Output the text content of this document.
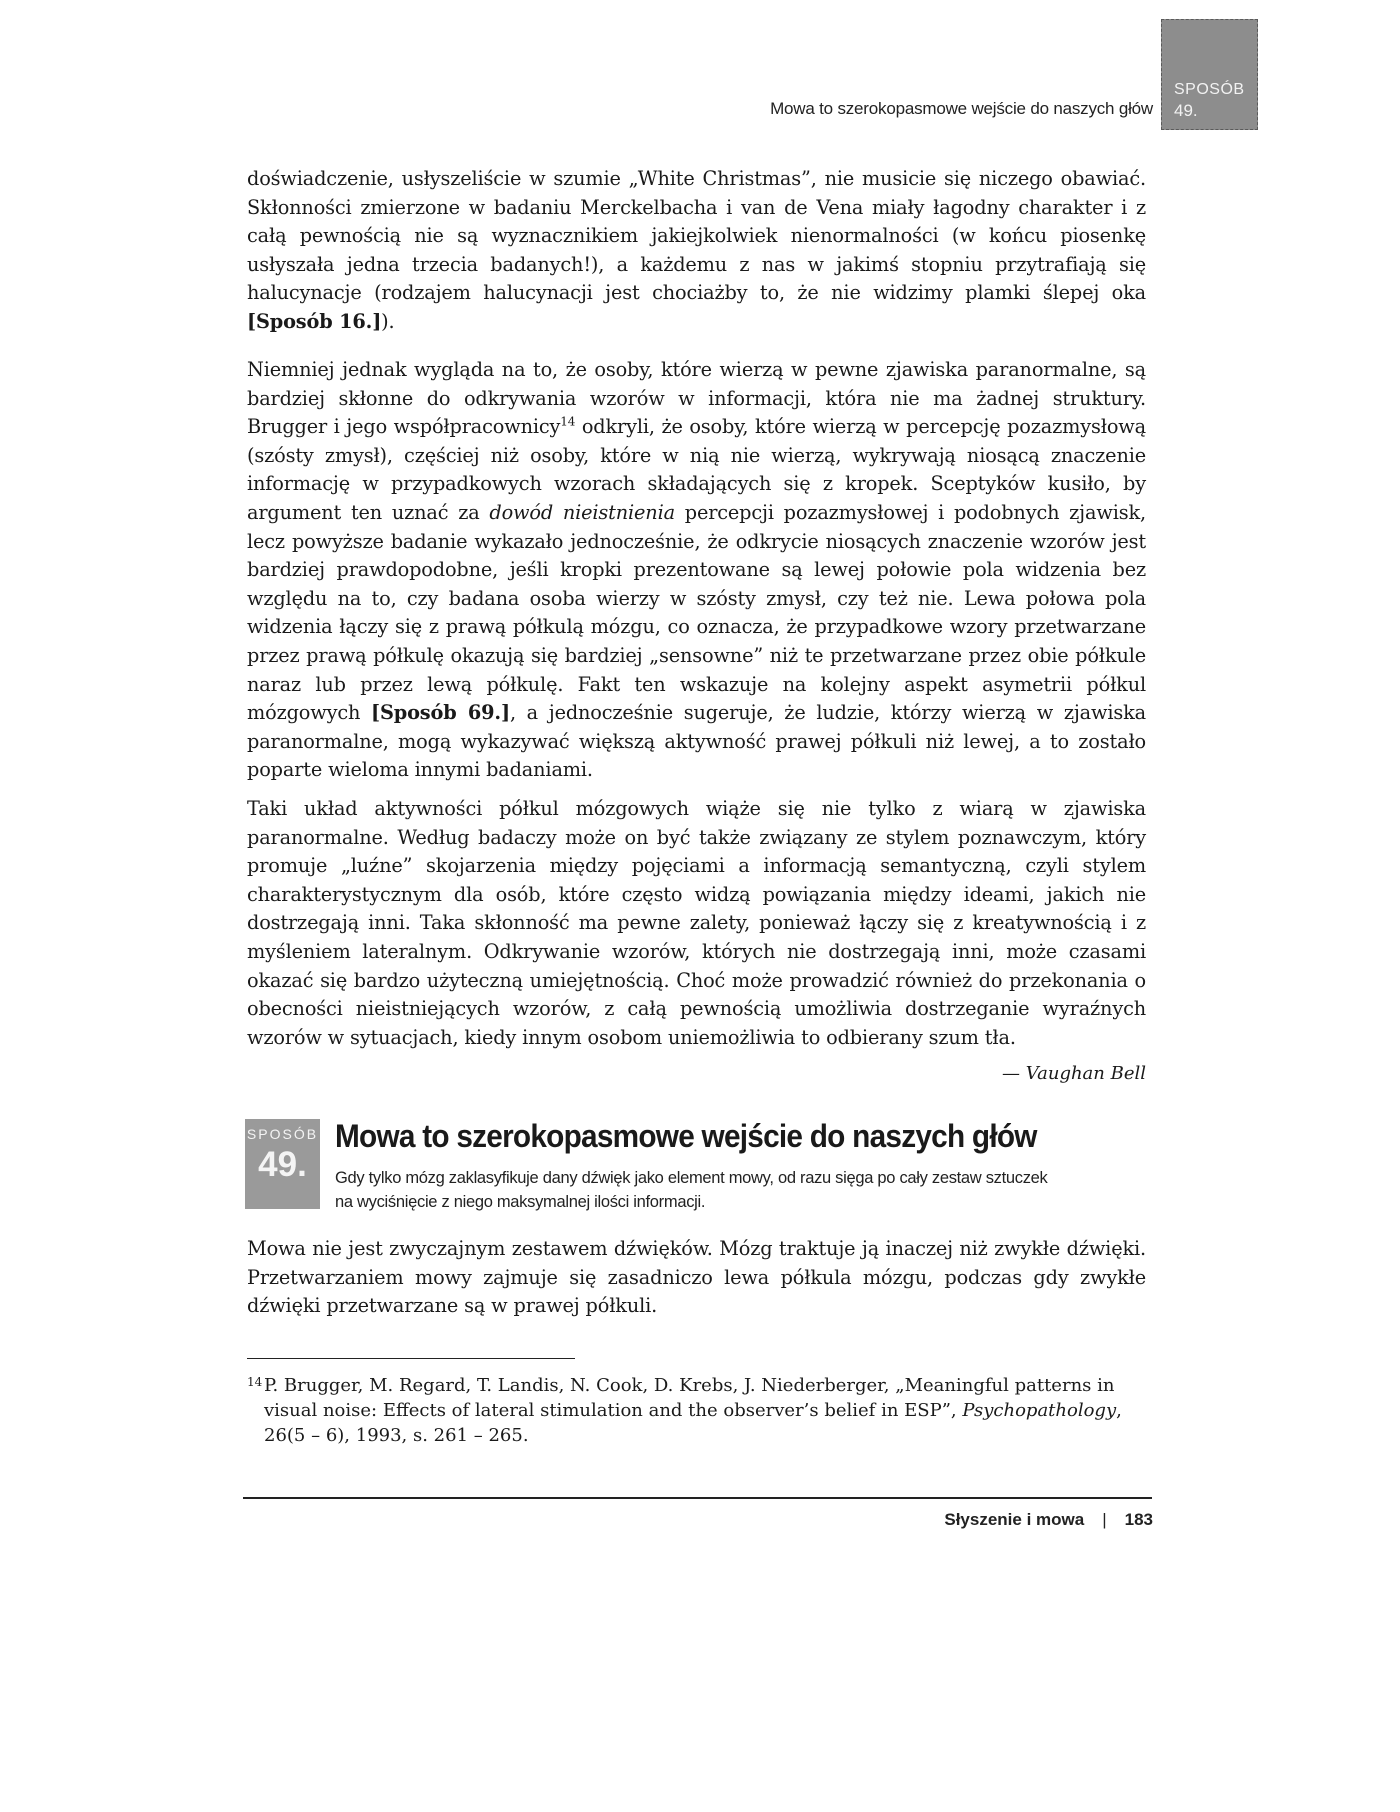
Mowa to szerokopasmowe wejście do naszych głów
SPOSÓB
49.

doświadczenie, usłyszeliście w szumie „White Christmas”, nie musicie się niczego obawiać. Skłonności zmierzone w badaniu Merckelbacha i van de Vena miały łagodny charakter i z całą pewnością nie są wyznacznikiem jakiejkolwiek nienormalności (w końcu piosenkę usłyszała jedna trzecia badanych!), a każdemu z nas w jakimś stopniu przytrafiają się halucynacje (rodzajem halucynacji jest chociażby to, że nie widzimy plamki ślepej oka [Sposób 16.]).

Niemniej jednak wygląda na to, że osoby, które wierzą w pewne zjawiska paranormalne, są bardziej skłonne do odkrywania wzorów w informacji, która nie ma żadnej struktury. Brugger i jego współpracownicy$^{14}$ odkryli, że osoby, które wierzą w percepcję pozazmysłową (szósty zmysł), częściej niż osoby, które w nią nie wierzą, wykrywają niosącą znaczenie informację w przypadkowych wzorach składających się z kropek. Sceptyków kusiło, by argument ten uznać za dowód nieistnienia percepcji pozazmysłowej i podobnych zjawisk, lecz powyższe badanie wykazało jednocześnie, że odkrycie niosących znaczenie wzorów jest bardziej prawdopodobne, jeśli kropki prezentowane są lewej połowie pola widzenia bez względu na to, czy badana osoba wierzy w szósty zmysł, czy też nie. Lewa połowa pola widzenia łączy się z prawą półkulą mózgu, co oznacza, że przypadkowe wzory przetwarzane przez prawą półkulę okazują się bardziej „sensowne” niż te przetwarzane przez obie półkule naraz lub przez lewą półkulę. Fakt ten wskazuje na kolejny aspekt asymetrii półkul mózgowych [Sposób 69.], a jednocześnie sugeruje, że ludzie, którzy wierzą w zjawiska paranormalne, mogą wykazywać większą aktywność prawej półkuli niż lewej, a to zostało poparte wieloma innymi badaniami.

Taki układ aktywności półkul mózgowych wiąże się nie tylko z wiarą w zjawiska paranormalne. Według badaczy może on być także związany ze stylem poznawczym, który promuje „luźne” skojarzenia między pojęciami a informacją semantyczną, czyli stylem charakterystycznym dla osób, które często widzą powiązania między ideami, jakich nie dostrzegają inni. Taka skłonność ma pewne zalety, ponieważ łączy się z kreatywnością i z myśleniem lateralnym. Odkrywanie wzorów, których nie dostrzegają inni, może czasami okazać się bardzo użyteczną umiejętnością. Choć może prowadzić również do przekonania o obecności nieistniejących wzorów, z całą pewnością umożliwia dostrzeganie wyraźnych wzorów w sytuacjach, kiedy innym osobom uniemożliwia to odbierany szum tła.

— Vaughan Bell
SPOSÓB
49.
Mowa to szerokopasmowe wejście do naszych głów
Gdy tylko mózg zaklasyfikuje dany dźwięk jako element mowy, od razu sięga po cały zestaw sztuczek
na wyciśnięcie z niego maksymalnej ilości informacji.

Mowa nie jest zwyczajnym zestawem dźwięków. Mózg traktuje ją inaczej niż zwykłe dźwięki. Przetwarzaniem mowy zajmuje się zasadniczo lewa półkula mózgu, podczas gdy zwykłe dźwięki przetwarzane są w prawej półkuli.

14 P. Brugger, M. Regard, T. Landis, N. Cook, D. Krebs, J. Niederberger, „Meaningful patterns in visual noise: Effects of lateral stimulation and the observer’s belief in ESP”, Psychopathology, 26(5 – 6), 1993, s. 261 – 265.
Słyszenie i mowa | 183
